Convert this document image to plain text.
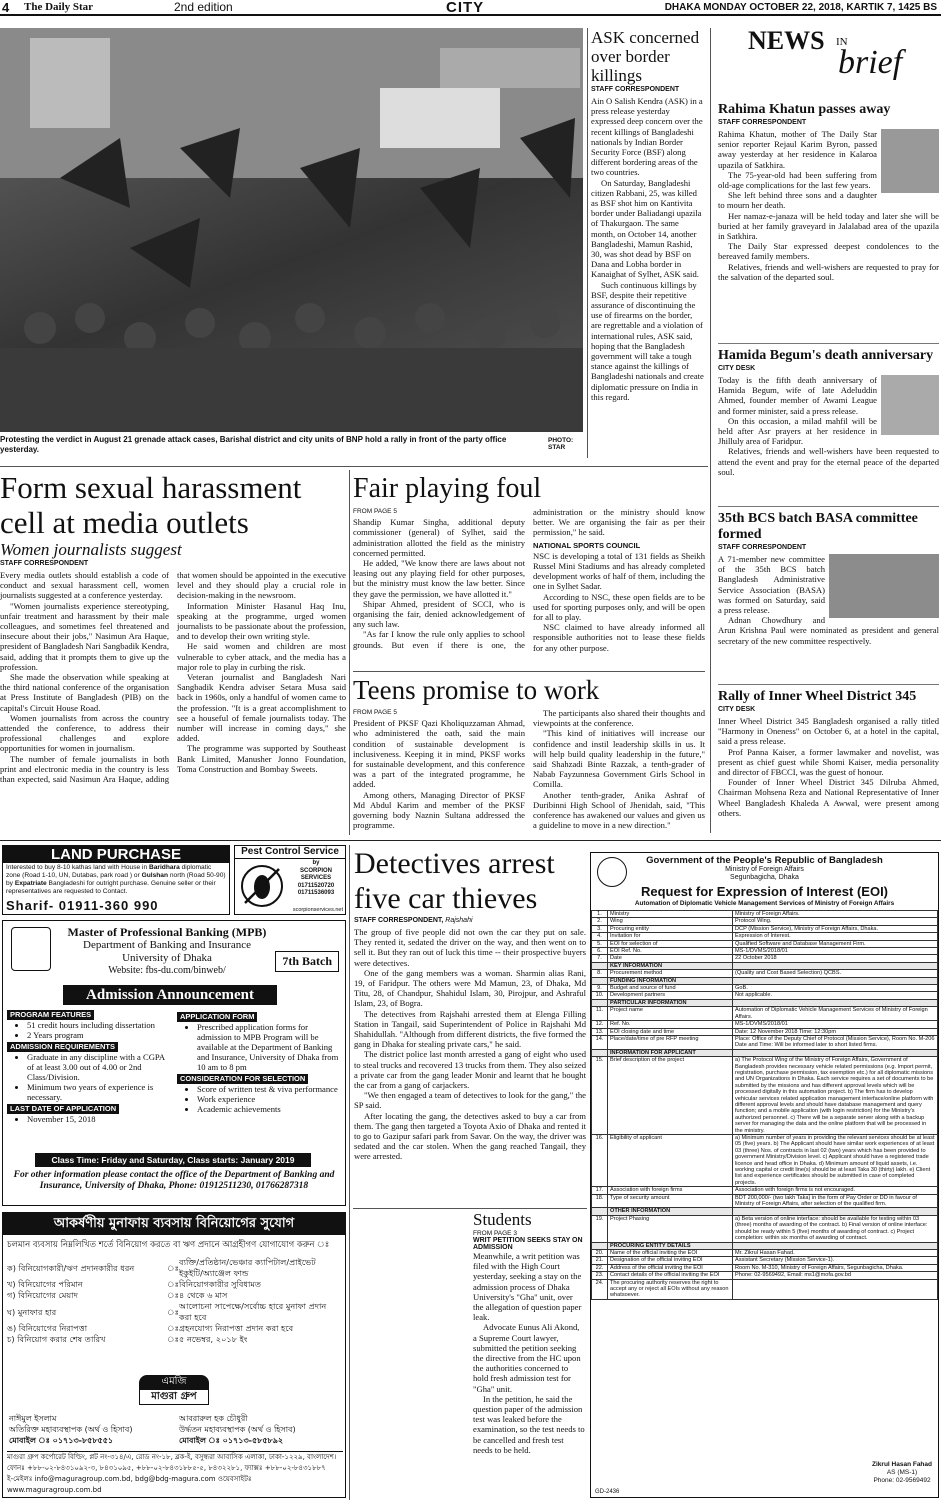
4 The Daily Star	2nd edition	CITY	DHAKA MONDAY OCTOBER 22, 2018, KARTIK 7, 1425 BS
Protesting the verdict in August 21 grenade attack cases, Barishal district and city units of BNP hold a rally in front of the party office yesterday.
PHOTO: STAR
ASK concerned over border killings
STAFF CORRESPONDENT

Ain O Salish Kendra (ASK) in a press release yesterday expressed deep concern over the recent killings of Bangladeshi nationals by Indian Border Security Force (BSF) along different bordering areas of the two countries.

On Saturday, Bangladeshi citizen Rabbani, 25, was killed as BSF shot him on Kantivita border under Baliadangi upazila of Thakurgaon. The same month, on October 14, another Bangladeshi, Mamun Rashid, 30, was shot dead by BSF on Dana and Lobha border in Kanaighat of Sylhet, ASK said.

Such continuous killings by BSF, despite their repetitive assurance of discontinuing the use of firearms on the border, are regrettable and a violation of international rules, ASK said, hoping that the Bangladesh government will take a tough stance against the killings of Bangladeshi nationals and create diplomatic pressure on India in this regard.

NEWS IN
brief
Rahima Khatun passes away
STAFF CORRESPONDENT

Rahima Khatun, mother of The Daily Star senior reporter Rejaul Karim Byron, passed away yesterday at her residence in Kalaroa upazila of Satkhira.

The 75-year-old had been suffering from old-age complications for the last few years.

She left behind three sons and a daughter to mourn her death.

Her namaz-e-janaza will be held today and later she will be buried at her family graveyard in Jalalabad area of the upazila in Satkhira.

The Daily Star expressed deepest condolences to the bereaved family members.

Relatives, friends and well-wishers are requested to pray for the salvation of the departed soul.

Hamida Begum's death anniversary
CITY DESK

Today is the fifth death anniversary of Hamida Begum, wife of late Adeluddin Ahmed, founder member of Awami League and former minister, said a press release.

On this occasion, a milad mahfil will be held after Asr prayers at her residence in Jhilluly area of Faridpur.

Relatives, friends and well-wishers have been requested to attend the event and pray for the eternal peace of the departed soul.

35th BCS batch BASA committee formed
STAFF CORRESPONDENT

A 71-member new committee of the 35th BCS batch Bangladesh Administrative Service Association (BASA) was formed on Saturday, said a press release.

Adnan Chowdhury and Arun Krishna Paul were nominated as president and general secretary of the new committee respectively.

Rally of Inner Wheel District 345
CITY DESK

Inner Wheel District 345 Bangladesh organised a rally titled "Harmony in Oneness" on October 6, at a hotel in the capital, said a press release.

Prof Panna Kaiser, a former lawmaker and novelist, was present as chief guest while Shomi Kaiser, media personality and director of FBCCI, was the guest of honour.

Founder of Inner Wheel District 345 Dilruba Ahmed, Chairman Mohsena Reza and National Representative of Inner Wheel Bangladesh Khaleda A Awwal, were present among others.

Form sexual harassment cell at media outlets
Women journalists suggest
STAFF CORRESPONDENT

Every media outlets should establish a code of conduct and sexual harassment cell, women journalists suggested at a conference yesterday.

"Women journalists experience stereotyping, unfair treatment and harassment by their male colleagues, and sometimes feel threatened and insecure about their jobs," Nasimun Ara Haque, president of Bangladesh Nari Sangbadik Kendra, said, adding that it prompts them to give up the profession.

She made the observation while speaking at the third national conference of the organisation at Press Institute of Bangladesh (PIB) on the capital's Circuit House Road.

Women journalists from across the country attended the conference, to address their professional challenges and explore opportunities for women in journalism.

The number of female journalists in both print and electronic media in the country is less than expected, said Nasimun Ara Haque, adding that women should be appointed in the executive level and they should play a crucial role in decision-making in the newsroom.

Information Minister Hasanul Haq Inu, speaking at the programme, urged women journalists to be passionate about the profession, and to develop their own writing style.

He said women and children are most vulnerable to cyber attack, and the media has a major role to play in curbing the risk.

Veteran journalist and Bangladesh Nari Sangbadik Kendra adviser Setara Musa said back in 1960s, only a handful of women came to the profession. "It is a great accomplishment to see a houseful of female journalists today. The number will increase in coming days," she added.

The programme was supported by Southeast Bank Limited, Manusher Jonno Foundation, Toma Construction and Bombay Sweets.

Fair playing foul
FROM PAGE 5

Shandip Kumar Singha, additional deputy commissioner (general) of Sylhet, said the administration allotted the field as the ministry concerned permitted.

He added, "We know there are laws about not leasing out any playing field for other purposes, but the ministry must know the law better. Since they gave the permission, we have allotted it."

Shipar Ahmed, president of SCCI, who is organising the fair, denied acknowledgement of any such law.

"As far I know the rule only applies to school grounds. But even if there is one, the administration or the ministry should know better. We are organising the fair as per their permission," he said.

NATIONAL SPORTS COUNCIL

NSC is developing a total of 131 fields as Sheikh Russel Mini Stadiums and has already completed development works of half of them, including the one in Sylhet Sadar.

According to NSC, these open fields are to be used for sporting purposes only, and will be open for all to play.

NSC claimed to have already informed all responsible authorities not to lease these fields for any other purpose.

Teens promise to work
FROM PAGE 5

President of PKSF Qazi Kholiquzzaman Ahmad, who administered the oath, said the main condition of sustainable development is inclusiveness. Keeping it in mind, PKSF works for sustainable development, and this conference was a part of the integrated programme, he added.

Among others, Managing Director of PKSF Md Abdul Karim and member of the PKSF governing body Naznin Sultana addressed the programme.

The participants also shared their thoughts and viewpoints at the conference.

"This kind of initiatives will increase our confidence and instil leadership skills in us. It will help build quality leadership in the future," said Shahzadi Binte Razzak, a tenth-grader of Nabab Fayzunnesa Government Girls School in Comilla.

Another tenth-grader, Anika Ashraf of Duribinni High School of Jhenidah, said, "This conference has awakened our values and given us a guideline to move in a new direction."

LAND PURCHASE
Interested to buy 8-10 kathas land with House in Baridhara diplomatic zone (Road 1-10, UN, Dutabas, park road ) or Gulshan north (Road 50-90) by Expatriate Bangladeshi for outright purchase. Genuine seller or their representatives are requested to Contact.
Sharif- 01911-360 990
Pest Control Service
by
SCORPION SERVICES
01711520720
01711536093
scorpionservices.net
Master of Professional Banking (MPB)
Department of Banking and Insurance
University of Dhaka
Website: fbs-du.com/binweb/
7th Batch
Admission Announcement
PROGRAM FEATURES
• 51 credit hours including dissertation
• 2 Years program
ADMISSION REQUIREMENTS
• Graduate in any discipline with a CGPA of at least 3.00 out of 4.00 or 2nd Class/Division.
• Minimum two years of experience is necessary.
LAST DATE OF APPLICATION
• November 15, 2018
APPLICATION FORM
• Prescribed application forms for admission to MPB Program will be available at the Department of Banking and Insurance, University of Dhaka from 10 am to 8 pm
CONSIDERATION FOR SELECTION
• Score of written test & viva performance
• Work experience
• Academic achievements
Class Time: Friday and Saturday, Class starts: January 2019
For other information please contact the office of the Department of Banking and Insurance, University of Dhaka, Phone: 01912511230, 01766287318
আকর্ষণীয় মুনাফায় ব্যবসায় বিনিয়োগের সুযোগ
চলমান ব্যবসায় নিম্নলিখিত শর্তে বিনিয়োগ করতে বা ঋণ প্রদানে আগ্রহীগণ যোগাযোগ করুন ঃ
ক) বিনিয়োগকারী/ঋণ প্রদানকারীর ধরন	ঃ	ব্যক্তি/প্রতিষ্ঠান/ভেঞ্চার ক্যাপিটাল/প্রাইভেট ইকুইটি/অ্যাঞ্জেল ফান্ড
খ) বিনিয়োগের পরিমান	ঃ	বিনিয়োগকারীর সুবিধামত
গ) বিনিয়োগের মেয়াদ	ঃ	৪ থেকে ৬ মাস
ঘ) মুনাফার হার	ঃ	আলোচনা সাপেক্ষে/সর্বোচ্চ হারে মুনাফা প্রদান করা হবে
ঙ) বিনিয়োগের নিরাপত্তা	ঃ	গ্রহনযোগ্য নিরাপত্তা প্রদান করা হবে
চ) বিনিয়োগ করার শেষ তারিখ	ঃ	৫ নভেম্বর, ২০১৮ ইং
এমজি
মাগুরা গ্রুপ
নাঈমুল ইসলাম
অতিরিক্ত মহাব্যবস্থাপক (অর্থ ও হিসাব)
মোবাইল ঃ ০১৭১৩-৮৫৮৫৫১
আবরারুল হক চৌধুরী
উর্দ্ধতন মহাব্যবস্থাপক (অর্থ ও হিসাব)
মোবাইল ঃ ০১৭১৩-৫৮৫৮৯২
মাগুরা গ্রুপ কর্পোরেট বিল্ডিং, প্লট নং-৩১৪/এ, রোড নং-১৮, ব্লক-ই, বসুন্ধরা আবাসিক এলাকা, ঢাকা-১২২৯, বাংলাদেশ।
ফোনঃ +৮৮-০২-৮৪৩১০৯২-৩, ৮৪৩১০৯৫, +৮৮-০২-৮৪৩১৮৮৫-৫, ৮৪৩২২৮১, ফ্যাক্সঃ +৮৮-০২-৮৪৩১৮৮৭
ই-মেইলঃ info@maguragroup.com.bd, bdg@bdg-magura.com ওয়েবসাইটঃ www.maguragroup.com.bd
Detectives arrest five car thieves
STAFF CORRESPONDENT, Rajshahi

The group of five people did not own the car they put on sale. They rented it, sedated the driver on the way, and then went on to sell it. But they ran out of luck this time -- their prospective buyers were detectives.

One of the gang members was a woman. Sharmin alias Rani, 19, of Faridpur. The others were Md Mamun, 23, of Dhaka, Md Titu, 28, of Chandpur, Shahidul Islam, 30, Pirojpur, and Ashraful Islam, 23, of Bogra.

The detectives from Rajshahi arrested them at Elenga Filling Station in Tangail, said Superintendent of Police in Rajshahi Md Shahidullah. "Although from different districts, the five formed the gang in Dhaka for stealing private cars," he said.

The district police last month arrested a gang of eight who used to steal trucks and recovered 13 trucks from them. They also seized a private car from the gang leader Monir and learnt that he bought the car from a gang of carjackers.

"We then engaged a team of detectives to look for the gang," the SP said.

After locating the gang, the detectives asked to buy a car from them. The gang then targeted a Toyota Axio of Dhaka and rented it to go to Gazipur safari park from Savar. On the way, the driver was sedated and the car stolen. When the gang reached Tangail, they were arrested.

Students
FROM PAGE 3
WRIT PETITION SEEKS STAY ON ADMISSION

Meanwhile, a writ petition was filed with the High Court yesterday, seeking a stay on the admission process of Dhaka University's "Gha" unit, over the allegation of question paper leak.

Advocate Eunus Ali Akond, a Supreme Court lawyer, submitted the petition seeking the directive from the HC upon the authorities concerned to hold fresh admission test for "Gha" unit.

In the petition, he said the question paper of the admission test was leaked before the examination, so the test needs to be cancelled and fresh test needs to be held.

Government of the People's Republic of Bangladesh
Ministry of Foreign Affairs
Segunbagicha, Dhaka
Request for Expression of Interest (EOI)
Automation of Diplomatic Vehicle Management Services of Ministry of Foreign Affairs
1.	Ministry	Ministry of Foreign Affairs.
2.	Wing	Protocol Wing.
3.	Procuring entity	DCP (Mission Service), Ministry of Foreign Affairs, Dhaka.
4.	Invitation for	Expression of Interest.
5.	EOI for selection of	Qualified Software and Database Management Firm.
6.	EOI Ref. No.	MS-1/DVMS/2018/01
7.	Date	22 October 2018
	KEY INFORMATION	
8.	Procurement method	(Quality and Cost Based Selection) QCBS.
	FUNDING INFORMATION	
9.	Budget and source of fund	GoB.
10.	Development partners	Not applicable.
	PARTICULAR INFORMATION	
11.	Project name	Automation of Diplomatic Vehicle Management Services of Ministry of Foreign Affairs.
12.	Ref. No.	MS-1/DVMS/2018/01
13.	EOI closing date and time	Date: 12 November 2018 Time: 12:30pm
14.	Place/date/time of pre RFP meeting	Place: Office of the Deputy Chief of Protocol (Mission Service), Room No. M-206 Date and Time: Will be informed later to short listed firms.
	INFORMATION FOR APPLICANT	
15.	Brief description of the project	a) The Protocol Wing of the Ministry of Foreign Affairs, Government of Bangladesh provides necessary vehicle related permissions (e.g. Import permit, registration, purchase permission, tax exemption etc.) for all diplomatic missions and UN Organizations in Dhaka. Each service requires a set of documents to be submitted by the missions and has different approval levels which will be processed digitally in this automation project. b) The firm has to develop vehicular services related application management interface/online platform with different approval levels and should have database management and query function; and a mobile application (with login restriction) for the Ministry's authorized personnel. c) There will be a separate server along with a backup server for managing the data and the online platform that will be processed in the ministry.
16.	Eligibility of applicant	a) Minimum number of years in providing the relevant services should be at least 05 (five) years. b) The Applicant should have similar work experiences of at least 03 (three) Nos. of contracts in last 02 (two) years which has been provided to government Ministry/Division level. c) Applicant should have a registered trade licence and head office in Dhaka. d) Minimum amount of liquid assets, i.e. working capital or credit line(s) should be at least Taka 30 (thirty) lakh. e) Client list and experience certificates should be submitted in case of completed projects.
17.	Association with foreign firms	Association with foreign firms is not encouraged.
18.	Type of security amount	BDT 200,000/- (two lakh Taka) in the form of Pay Order or DD in favour of Ministry of Foreign Affairs, after selection of the qualified firm.
	OTHER INFORMATION	
19.	Project Phasing	a) Beta version of online interface: should be available for testing within 03 (three) months of awarding of the contract. b) Final version of online interface: should be ready within 5 (five) months of awarding of contract. c) Project completion: within six months of awarding of contract.
	PROCURING ENTITY DETAILS	
20.	Name of the official inviting the EOI	Mr. Zikrul Hasan Fahad.
21.	Designation of the official inviting EOI	Assistant Secretary (Mission Service-1).
22.	Address of the official inviting the EOI	Room No. M-310, Ministry of Foreign Affairs, Segunbagicha, Dhaka.
23.	Contact details of the official inviting the EOI	Phone: 02-9569492, Email: ms1@mofa.gov.bd
24.	The procuring authority reserves the right to accept any or reject all EOIs without any reason whatsoever.	
Zikrul Hasan Fahad
AS (MS-1)
Phone: 02-9569492
GD-2436
